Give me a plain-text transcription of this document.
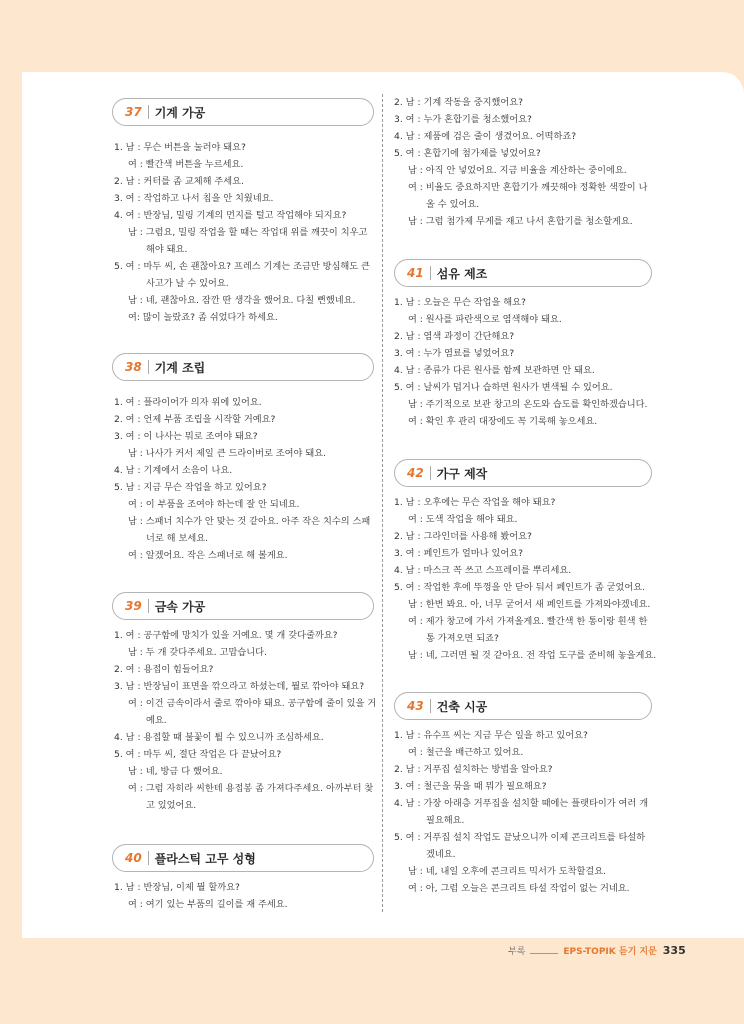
37 기계 가공
38 기계 조립
39 금속 가공
40 플라스틱 고무 성형
41 섬유 제조
42 가구 제작
43 건축 시공
1. 남 : 무슨 버튼을 눌러야 돼요?
여 : 빨간색 버튼을 누르세요.
2. 남 : 커터를 좀 교체해 주세요.
3. 여 : 작업하고 나서 칩을 안 치웠네요.
4. 여 : 반장님, 밀링 기계의 먼지를 털고 작업해야 되지요?
남 : 그럼요, 밀링 작업을 할 때는 작업대 위를 깨끗이 치우고
해야 돼요.
5. 여 : 마두 씨, 손 괜찮아요? 프레스 기계는 조금만 방심해도 큰
사고가 날 수 있어요.
남 : 네, 괜찮아요. 잠깐 딴 생각을 했어요. 다칠 뻔했네요.
여: 많이 놀랐죠? 좀 쉬었다가 하세요.
1. 여 : 플라이어가 의자 위에 있어요.
2. 여 : 언제 부품 조립을 시작할 거예요?
3. 여 : 이 나사는 뭐로 조여야 돼요?
남 : 나사가 커서 제일 큰 드라이버로 조여야 돼요.
4. 남 : 기계에서 소음이 나요.
5. 남 : 지금 무슨 작업을 하고 있어요?
여 : 이 부품을 조여야 하는데 잘 안 되네요.
남 : 스패너 치수가 안 맞는 것 같아요. 아주 작은 치수의 스패
너로 해 보세요.
여 : 알겠어요. 작은 스패너로 해 볼게요.
1. 여 : 공구함에 망치가 있을 거예요. 몇 개 갖다줄까요?
남 : 두 개 갖다주세요. 고맙습니다.
2. 여 : 용접이 힘들어요?
3. 남 : 반장님이 표면을 깎으라고 하셨는데, 뭘로 깎아야 돼요?
여 : 이건 금속이라서 줄로 깎아야 돼요. 공구함에 줄이 있을 거
예요.
4. 남 : 용접할 때 불꽃이 튈 수 있으니까 조심하세요.
5. 여 : 마두 씨, 절단 작업은 다 끝났어요?
남 : 네, 방금 다 했어요.
여 : 그럼 자히라 씨한테 용접봉 좀 가져다주세요. 아까부터 찾
고 있었어요.
1. 남 : 반장님, 이제 뭘 할까요?
여 : 여기 있는 부품의 길이를 재 주세요.
2. 남 : 기계 작동을 중지했어요?
3. 여 : 누가 혼합기를 청소했어요?
4. 남 : 제품에 검은 줄이 생겼어요. 어떡하죠?
5. 여 : 혼합기에 첨가제를 넣었어요?
남 : 아직 안 넣었어요. 지금 비율을 계산하는 중이에요.
여 : 비율도 중요하지만 혼합기가 깨끗해야 정확한 색깔이 나
올 수 있어요.
남 : 그럼 첨가제 무게를 재고 나서 혼합기를 청소할게요.
1. 남 : 오늘은 무슨 작업을 해요?
여 : 원사를 파란색으로 염색해야 돼요.
2. 남 : 염색 과정이 간단해요?
3. 여 : 누가 염료를 넣었어요?
4. 남 : 종류가 다른 원사를 함께 보관하면 안 돼요.
5. 여 : 날씨가 덥거나 습하면 원사가 변색될 수 있어요.
남 : 주기적으로 보관 창고의 온도와 습도를 확인하겠습니다.
여 : 확인 후 관리 대장에도 꼭 기록해 놓으세요.
1. 남 : 오후에는 무슨 작업을 해야 돼요?
여 : 도색 작업을 해야 돼요.
2. 남 : 그라인더를 사용해 봤어요?
3. 여 : 페인트가 얼마나 있어요?
4. 남 : 마스크 꼭 쓰고 스프레이를 뿌리세요.
5. 여 : 작업한 후에 뚜껑을 안 닫아 둬서 페인트가 좀 굳었어요.
남 : 한번 봐요. 아, 너무 굳어서 새 페인트를 가져와야겠네요.
여 : 제가 창고에 가서 가져올게요. 빨간색 한 통이랑 흰색 한
통 가져오면 되죠?
남 : 네, 그러면 될 것 같아요. 전 작업 도구를 준비해 놓을게요.
1. 남 : 유수프 씨는 지금 무슨 일을 하고 있어요?
여 : 철근을 배근하고 있어요.
2. 남 : 거푸집 설치하는 방법을 알아요?
3. 여 : 철근을 묶을 때 뭐가 필요해요?
4. 남 : 가장 아래층 거푸집을 설치할 때에는 플랫타이가 여러 개
필요해요.
5. 여 : 거푸집 설치 작업도 끝났으니까 이제 콘크리트를 타설하
겠네요.
남 : 네, 내일 오후에 콘크리트 믹서가 도착할걸요.
여 : 아, 그럼 오늘은 콘크리트 타설 작업이 없는 거네요.
부록	EPS-TOPIK 듣기 지문 335
